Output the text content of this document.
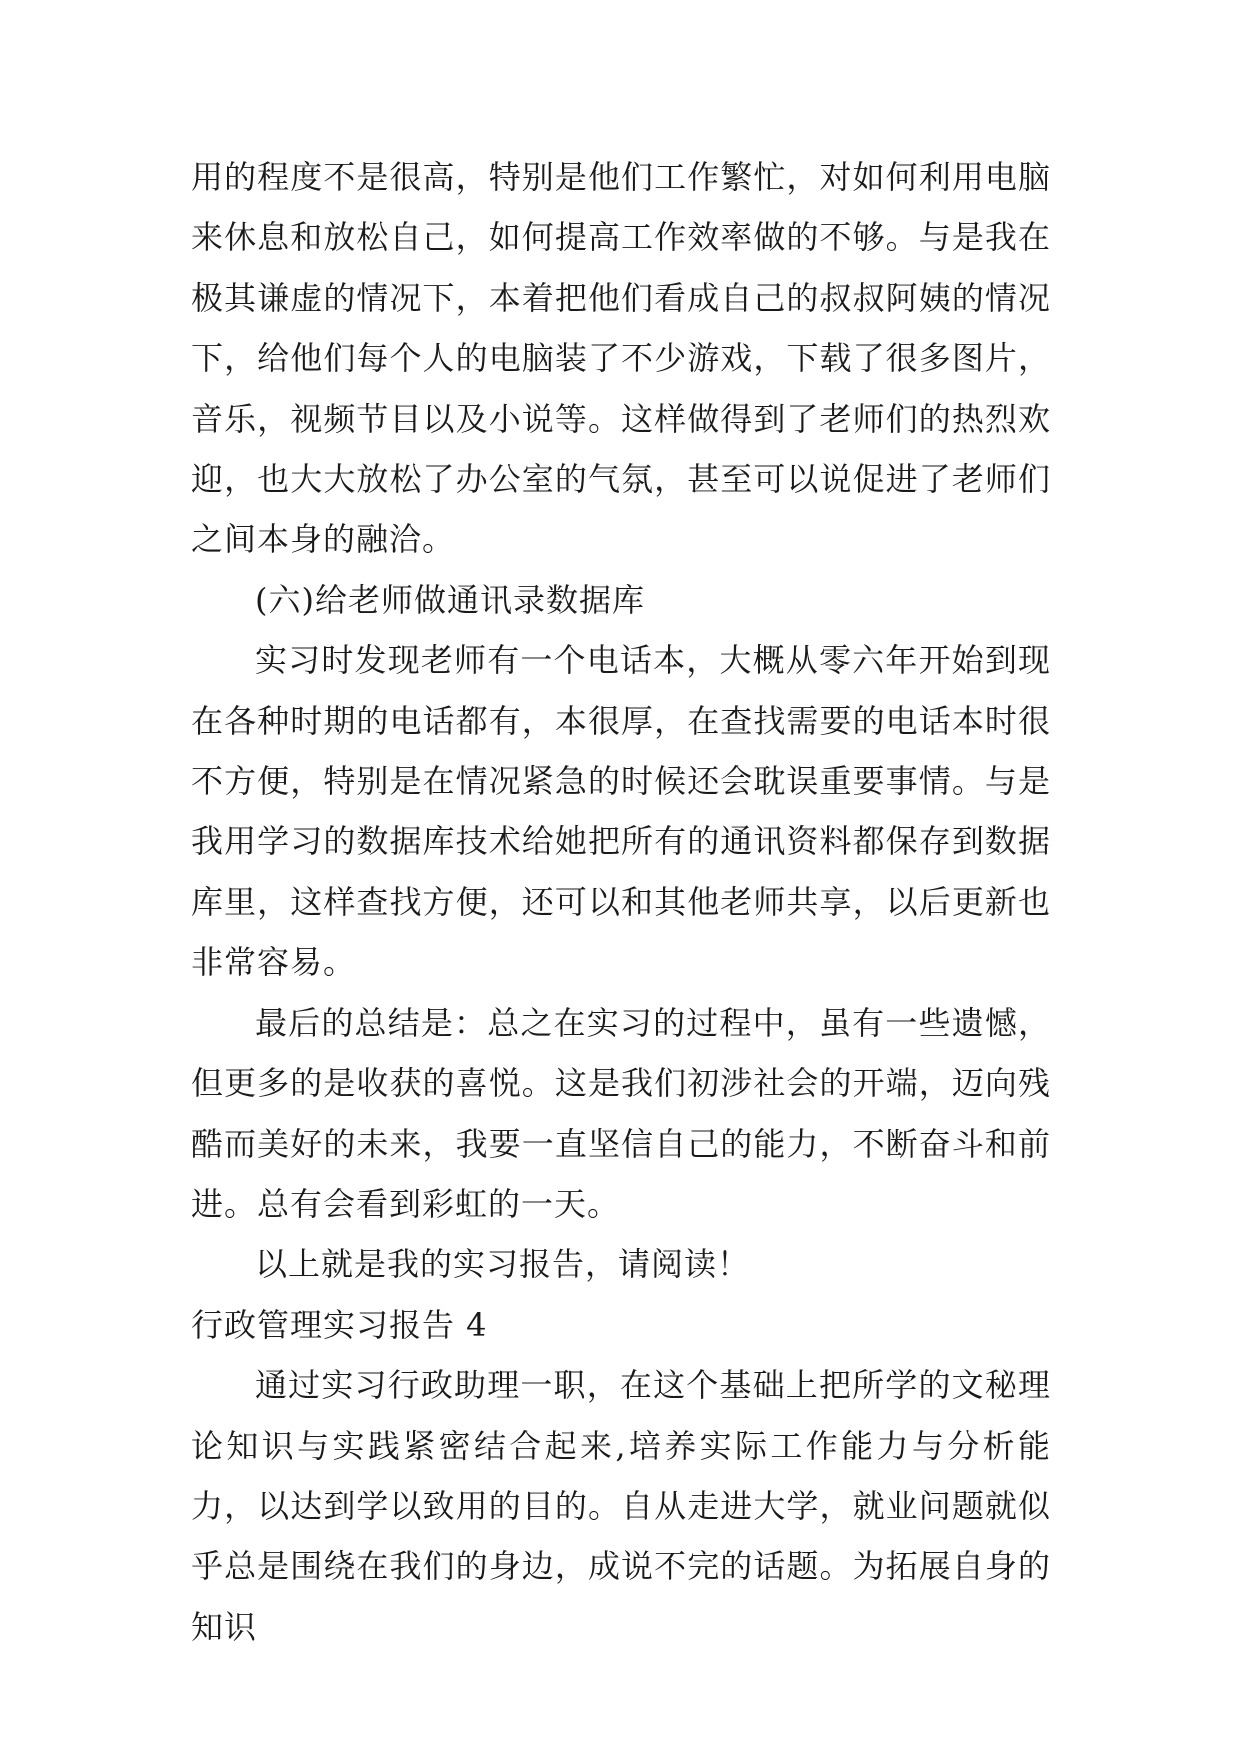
用的程度不是很高，特别是他们工作繁忙，对如何利用电脑来休息和放松自己，如何提高工作效率做的不够。与是我在极其谦虚的情况下，本着把他们看成自己的叔叔阿姨的情况下，给他们每个人的电脑装了不少游戏，下载了很多图片，音乐，视频节目以及小说等。这样做得到了老师们的热烈欢迎，也大大放松了办公室的气氛，甚至可以说促进了老师们之间本身的融洽。

(六)给老师做通讯录数据库

实习时发现老师有一个电话本，大概从零六年开始到现在各种时期的电话都有，本很厚，在查找需要的电话本时很不方便，特别是在情况紧急的时候还会耽误重要事情。与是我用学习的数据库技术给她把所有的通讯资料都保存到数据库里，这样查找方便，还可以和其他老师共享，以后更新也非常容易。

最后的总结是：总之在实习的过程中，虽有一些遗憾，但更多的是收获的喜悦。这是我们初涉社会的开端，迈向残酷而美好的未来，我要一直坚信自己的能力，不断奋斗和前进。总有会看到彩虹的一天。

以上就是我的实习报告，请阅读！

行政管理实习报告 4

通过实习行政助理一职，在这个基础上把所学的文秘理论知识与实践紧密结合起来,培养实际工作能力与分析能力，以达到学以致用的目的。自从走进大学，就业问题就似乎总是围绕在我们的身边，成说不完的话题。为拓展自身的知识
